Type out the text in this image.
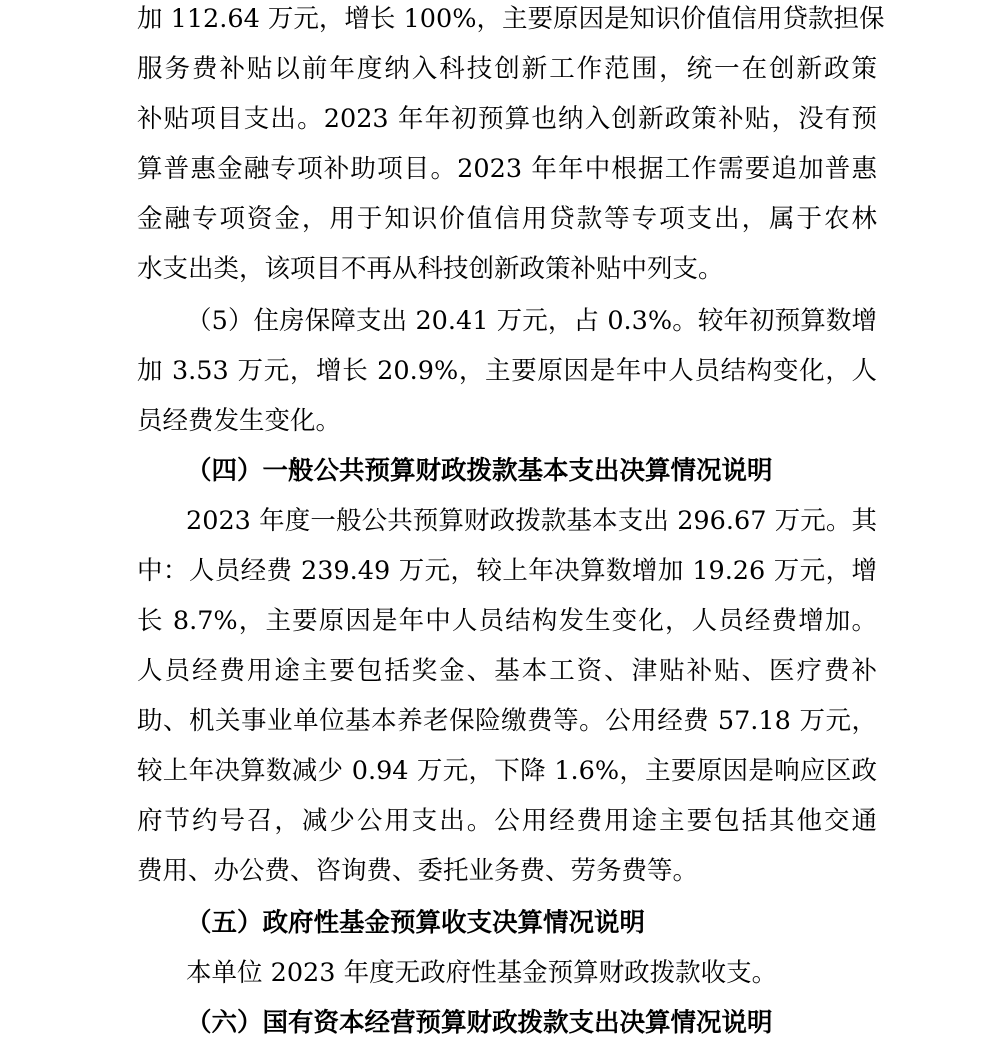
加 112.64 万元，增长 100%，主要原因是知识价值信用贷款担保
服务费补贴以前年度纳入科技创新工作范围，统一在创新政策
补贴项目支出。2023 年年初预算也纳入创新政策补贴，没有预
算普惠金融专项补助项目。2023 年年中根据工作需要追加普惠
金融专项资金，用于知识价值信用贷款等专项支出，属于农林
水支出类，该项目不再从科技创新政策补贴中列支。
（5）住房保障支出 20.41 万元，占 0.3%。较年初预算数增
加 3.53 万元，增长 20.9%，主要原因是年中人员结构变化，人
员经费发生变化。
（四）一般公共预算财政拨款基本支出决算情况说明
2023 年度一般公共预算财政拨款基本支出 296.67 万元。其
中：人员经费 239.49 万元，较上年决算数增加 19.26 万元，增
长 8.7%，主要原因是年中人员结构发生变化，人员经费增加。
人员经费用途主要包括奖金、基本工资、津贴补贴、医疗费补
助、机关事业单位基本养老保险缴费等。公用经费 57.18 万元，
较上年决算数减少 0.94 万元，下降 1.6%，主要原因是响应区政
府节约号召，减少公用支出。公用经费用途主要包括其他交通
费用、办公费、咨询费、委托业务费、劳务费等。
（五）政府性基金预算收支决算情况说明
本单位 2023 年度无政府性基金预算财政拨款收支。
（六）国有资本经营预算财政拨款支出决算情况说明
